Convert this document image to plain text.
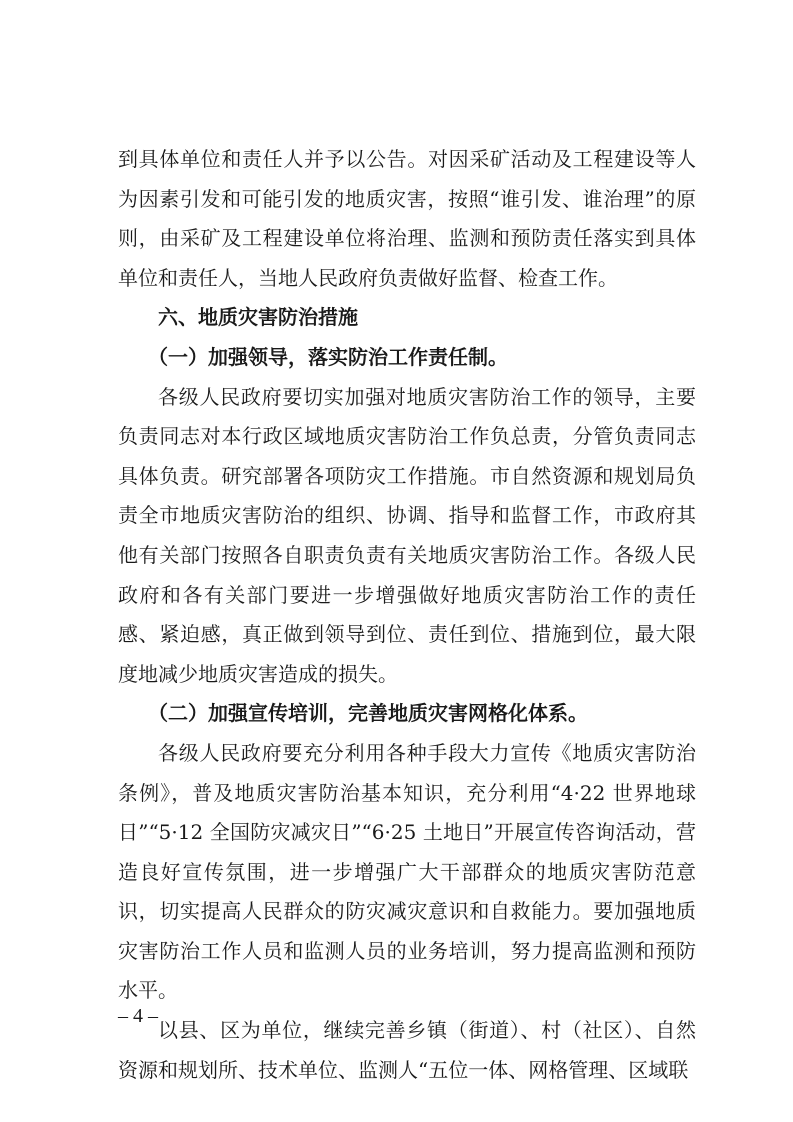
到具体单位和责任人并予以公告。对因采矿活动及工程建设等人为因素引发和可能引发的地质灾害，按照“谁引发、谁治理”的原则，由采矿及工程建设单位将治理、监测和预防责任落实到具体单位和责任人，当地人民政府负责做好监督、检查工作。

六、地质灾害防治措施

（一）加强领导，落实防治工作责任制。

各级人民政府要切实加强对地质灾害防治工作的领导，主要负责同志对本行政区域地质灾害防治工作负总责，分管负责同志具体负责。研究部署各项防灾工作措施。市自然资源和规划局负责全市地质灾害防治的组织、协调、指导和监督工作，市政府其他有关部门按照各自职责负责有关地质灾害防治工作。各级人民政府和各有关部门要进一步增强做好地质灾害防治工作的责任感、紧迫感，真正做到领导到位、责任到位、措施到位，最大限度地减少地质灾害造成的损失。

（二）加强宣传培训，完善地质灾害网格化体系。

各级人民政府要充分利用各种手段大力宣传《地质灾害防治条例》，普及地质灾害防治基本知识，充分利用“4·22 世界地球日”“5·12 全国防灾减灾日”“6·25 土地日”开展宣传咨询活动，营造良好宣传氛围，进一步增强广大干部群众的地质灾害防范意识，切实提高人民群众的防灾减灾意识和自救能力。要加强地质灾害防治工作人员和监测人员的业务培训，努力提高监测和预防水平。

以县、区为单位，继续完善乡镇（街道）、村（社区）、自然资源和规划所、技术单位、监测人“五位一体、网格管理、区域联

– 4 –
